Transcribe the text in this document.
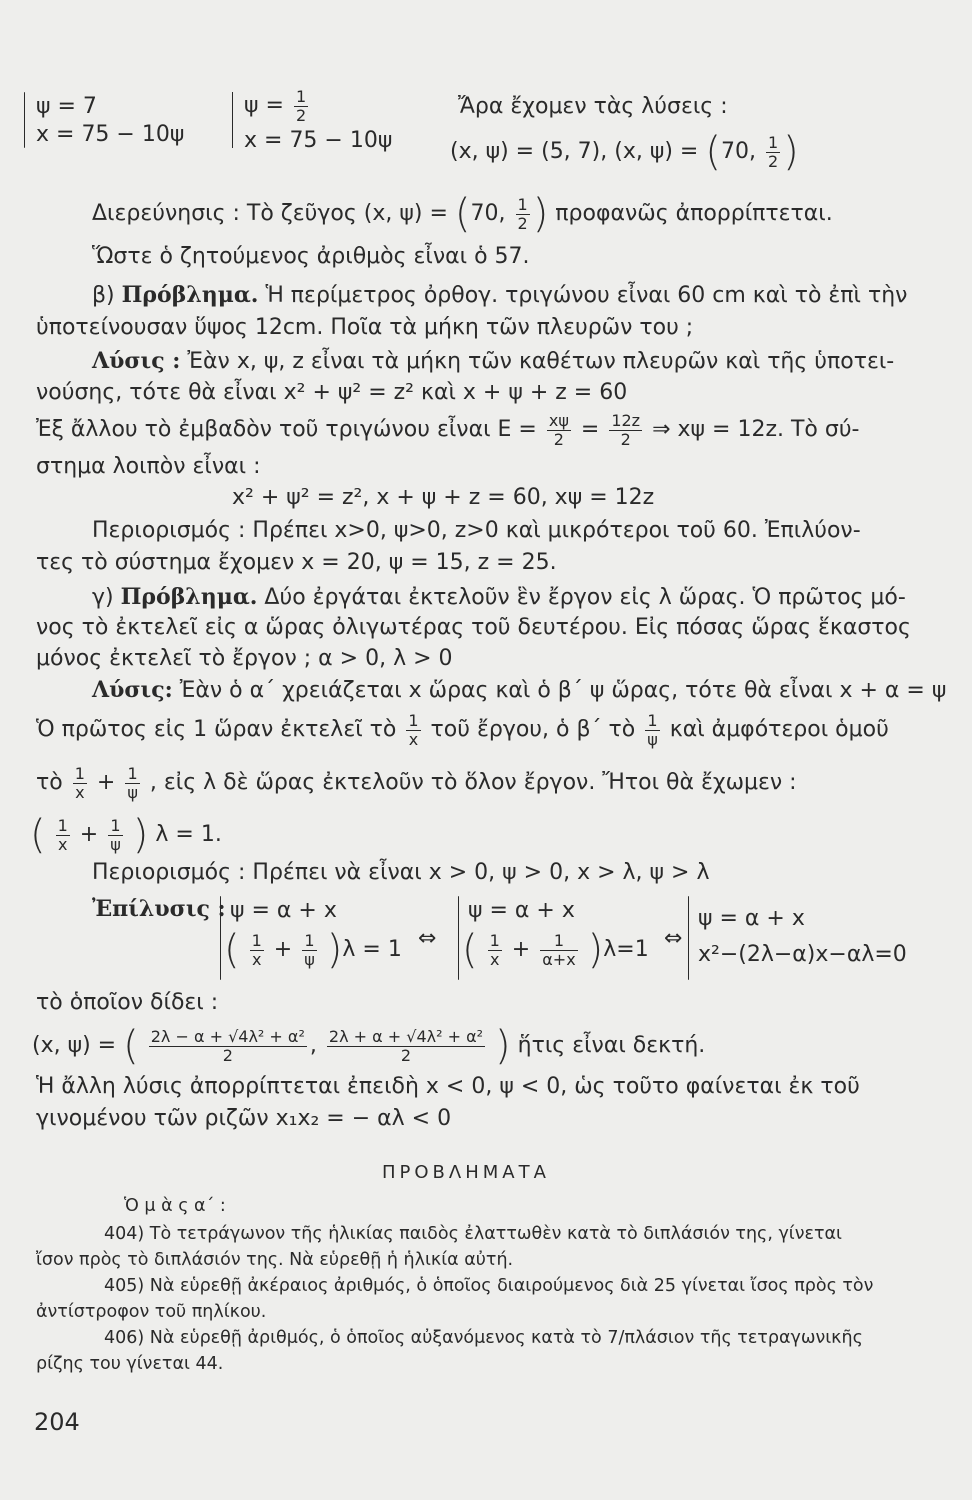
ψ = 7
x = 75 − 10ψ
$\psi = \frac{1}{2}$
x = 75 − 10ψ
Ἄρα ἔχομεν τὰς λύσεις :
(x, ψ) = (5, 7), (x, ψ) = (70, $\frac{1}{2}$ )
Διερεύνησις : Τὸ ζεῦγος (x, ψ) = (70, $\frac{1}{2}$ ) προφανῶς ἀπορρίπτεται.
Ὥστε ὁ ζητούμενος ἀριθμὸς εἶναι ὁ 57.
β) Πρόβλημα. Ἡ περίμετρος ὀρθογ. τριγώνου εἶναι 60 cm καὶ τὸ ἐπὶ τὴν
ὑποτείνουσαν ὕψος 12cm. Ποῖα τὰ μήκη τῶν πλευρῶν του ;
Λύσις : Ἐὰν x, ψ, z εἶναι τὰ μήκη τῶν καθέτων πλευρῶν καὶ τῆς ὑποτει-
νούσης, τότε θὰ εἶναι x² + ψ² = z² καὶ x + ψ + z = 60
Ἐξ ἄλλου τὸ ἐμβαδὸν τοῦ τριγώνου εἶναι $E = \frac{x\psi}{2} = \frac{12z}{2}$ ⇒ xψ = 12z. Τὸ σύ-
στημα λοιπὸν εἶναι :
x² + ψ² = z², x + ψ + z = 60, xψ = 12z
Περιορισμός : Πρέπει x>0, ψ>0, z>0 καὶ μικρότεροι τοῦ 60. Ἐπιλύον-
τες τὸ σύστημα ἔχομεν x = 20, ψ = 15, z = 25.
γ) Πρόβλημα. Δύο ἐργάται ἐκτελοῦν ἓν ἔργον εἰς λ ὥρας. Ὁ πρῶτος μό-
νος τὸ ἐκτελεῖ εἰς α ὥρας ὀλιγωτέρας τοῦ δευτέρου. Εἰς πόσας ὥρας ἕκαστος
μόνος ἐκτελεῖ τὸ ἔργον ; α > 0, λ > 0
Λύσις: Ἐὰν ὁ α΄ χρειάζεται x ὥρας καὶ ὁ β΄ ψ ὥρας, τότε θὰ εἶναι x + α = ψ
Ὁ πρῶτος εἰς 1 ὥραν ἐκτελεῖ τὸ $\frac{1}{x}$ τοῦ ἔργου, ὁ β΄ τὸ $\frac{1}{\psi}$ καὶ ἀμφότεροι ὁμοῦ
τὸ $\frac{1}{x} + \frac{1}{\psi}$ , εἰς λ δὲ ὥρας ἐκτελοῦν τὸ ὅλον ἔργον. Ἤτοι θὰ ἔχωμεν :
( $\frac{1}{x} + \frac{1}{\psi}$ ) λ = 1.
Περιορισμός : Πρέπει νὰ εἶναι x > 0, ψ > 0, x > λ, ψ > λ
Ἐπίλυσις : ψ = α + x
( $\frac{1}{x} + \frac{1}{\psi} )\lambda = 1$ ⇔
ψ = α + x
( $\frac{1}{x} + \frac{1}{\alpha+x} )\lambda=1$ ⇔
ψ = α + x
x²−(2λ−α)x−αλ=0
τὸ ὁποῖον δίδει :
(x, ψ) = ( $\frac{\text{2λ − α + √4λ² + α²}}{2}$ , $\frac{\text{2λ + α + √4λ² + α²}}{2}$ ) ἥτις εἶναι δεκτή.
Ἡ ἄλλη λύσις ἀπορρίπτεται ἐπειδὴ x < 0, ψ < 0, ὡς τοῦτο φαίνεται ἐκ τοῦ
γινομένου τῶν ριζῶν x₁x₂ = − αλ < 0
ΠΡΟΒΛΗΜΑΤΑ
Ὁ μ ὰ ς α΄ :
404) Τὸ τετράγωνον τῆς ἡλικίας παιδὸς ἐλαττωθὲν κατὰ τὸ διπλάσιόν της, γίνεται
ἴσον πρὸς τὸ διπλάσιόν της. Νὰ εὑρεθῇ ἡ ἡλικία αὐτή.
405) Νὰ εὑρεθῇ ἀκέραιος ἀριθμός, ὁ ὁποῖος διαιρούμενος διὰ 25 γίνεται ἴσος πρὸς τὸν
ἀντίστροφον τοῦ πηλίκου.
406) Νὰ εὑρεθῇ ἀριθμός, ὁ ὁποῖος αὐξανόμενος κατὰ τὸ 7/πλάσιον τῆς τετραγωνικῆς
ρίζης του γίνεται 44.
204
